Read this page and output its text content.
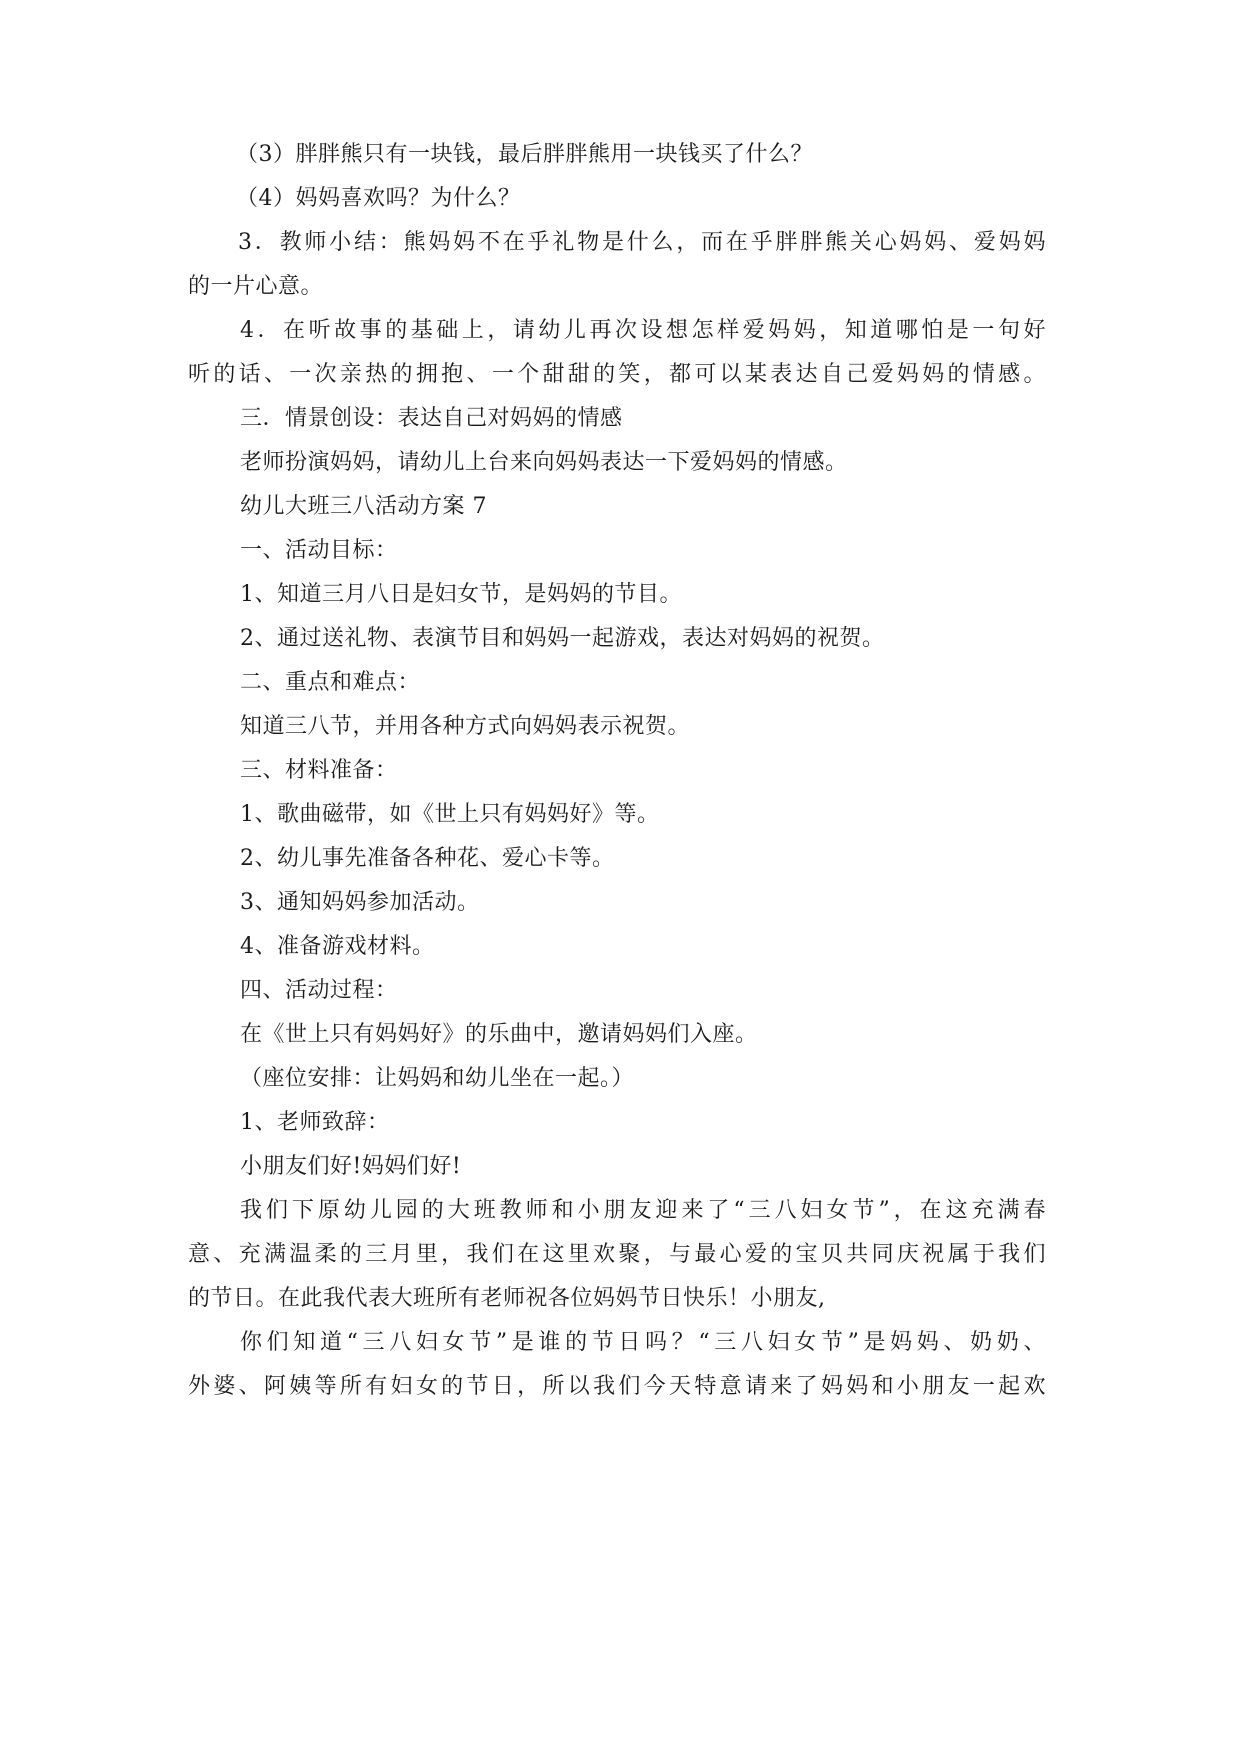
（3）胖胖熊只有一块钱，最后胖胖熊用一块钱买了什么？
（4）妈妈喜欢吗？为什么？
3．教师小结：熊妈妈不在乎礼物是什么，而在乎胖胖熊关心妈妈、爱妈妈
的一片心意。
4．在听故事的基础上，请幼儿再次设想怎样爱妈妈，知道哪怕是一句好
听的话、一次亲热的拥抱、一个甜甜的笑，都可以某表达自己爱妈妈的情感。
三．情景创设：表达自己对妈妈的情感
老师扮演妈妈，请幼儿上台来向妈妈表达一下爱妈妈的情感。
幼儿大班三八活动方案 7
一、活动目标：
1、知道三月八日是妇女节，是妈妈的节目。
2、通过送礼物、表演节目和妈妈一起游戏，表达对妈妈的祝贺。
二、重点和难点：
知道三八节，并用各种方式向妈妈表示祝贺。
三、材料准备：
1、歌曲磁带，如《世上只有妈妈好》等。
2、幼儿事先准备各种花、爱心卡等。
3、通知妈妈参加活动。
4、准备游戏材料。
四、活动过程：
在《世上只有妈妈好》的乐曲中，邀请妈妈们入座。
（座位安排：让妈妈和幼儿坐在一起。）
1、老师致辞：
小朋友们好!妈妈们好!
我们下原幼儿园的大班教师和小朋友迎来了“三八妇女节”，在这充满春
意、充满温柔的三月里，我们在这里欢聚，与最心爱的宝贝共同庆祝属于我们
的节日。在此我代表大班所有老师祝各位妈妈节日快乐！小朋友,
你们知道“三八妇女节”是谁的节日吗？“三八妇女节”是妈妈、奶奶、
外婆、阿姨等所有妇女的节日，所以我们今天特意请来了妈妈和小朋友一起欢
